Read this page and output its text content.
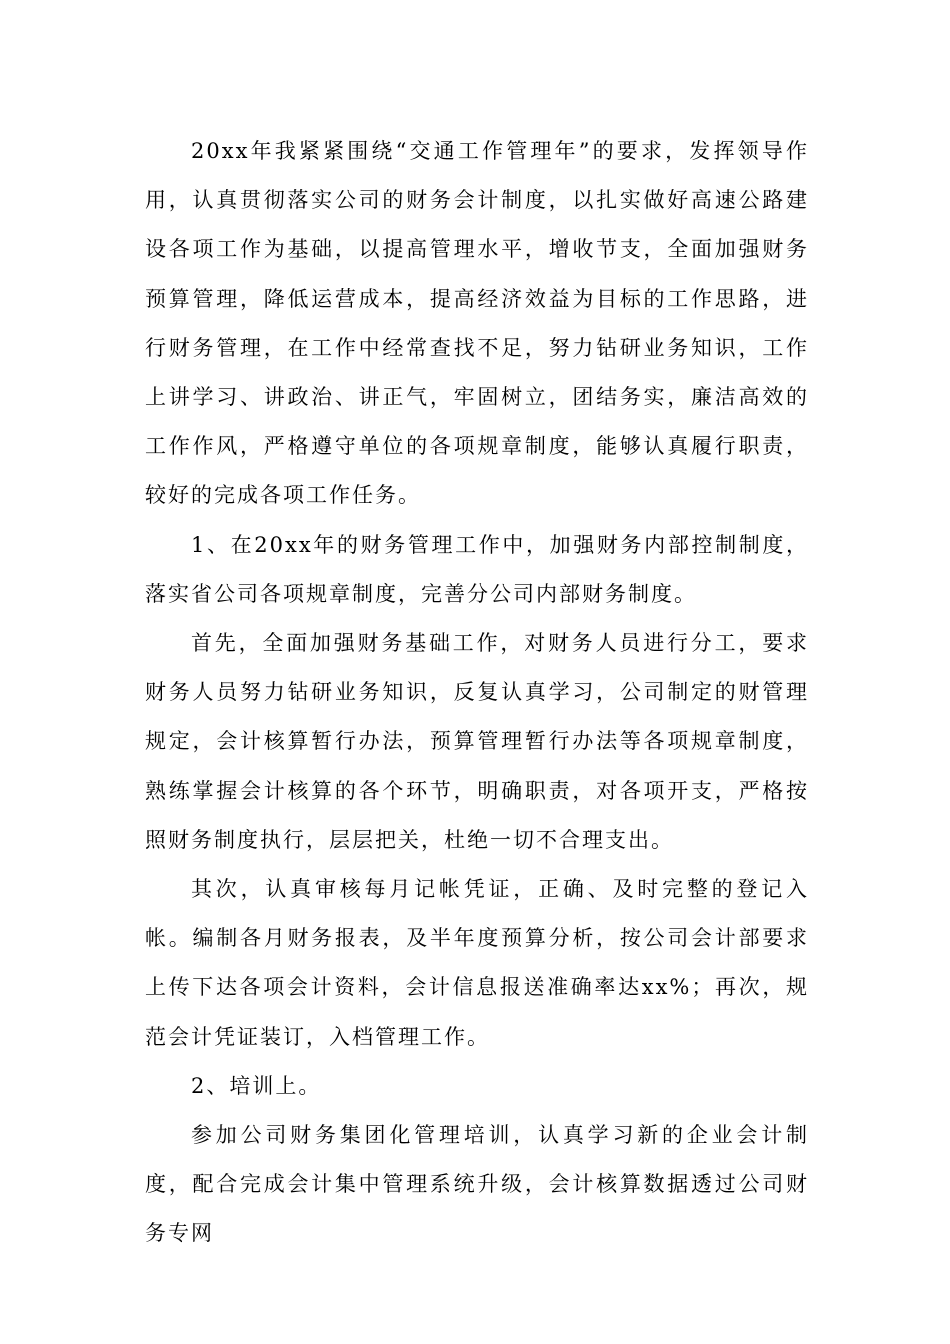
20xx年我紧紧围绕“交通工作管理年”的要求，发挥领导作用，认真贯彻落实公司的财务会计制度，以扎实做好高速公路建设各项工作为基础，以提高管理水平，增收节支，全面加强财务预算管理，降低运营成本，提高经济效益为目标的工作思路，进行财务管理，在工作中经常查找不足，努力钻研业务知识，工作上讲学习、讲政治、讲正气，牢固树立，团结务实，廉洁高效的工作作风，严格遵守单位的各项规章制度，能够认真履行职责，较好的完成各项工作任务。

1、在20xx年的财务管理工作中，加强财务内部控制制度，落实省公司各项规章制度，完善分公司内部财务制度。

首先，全面加强财务基础工作，对财务人员进行分工，要求财务人员努力钻研业务知识，反复认真学习，公司制定的财管理规定，会计核算暂行办法，预算管理暂行办法等各项规章制度，熟练掌握会计核算的各个环节，明确职责，对各项开支，严格按照财务制度执行，层层把关，杜绝一切不合理支出。

其次，认真审核每月记帐凭证，正确、及时完整的登记入帐。编制各月财务报表，及半年度预算分析，按公司会计部要求上传下达各项会计资料，会计信息报送准确率达xx%；再次，规范会计凭证装订，入档管理工作。

2、培训上。

参加公司财务集团化管理培训，认真学习新的企业会计制度，配合完成会计集中管理系统升级，会计核算数据透过公司财务专网
